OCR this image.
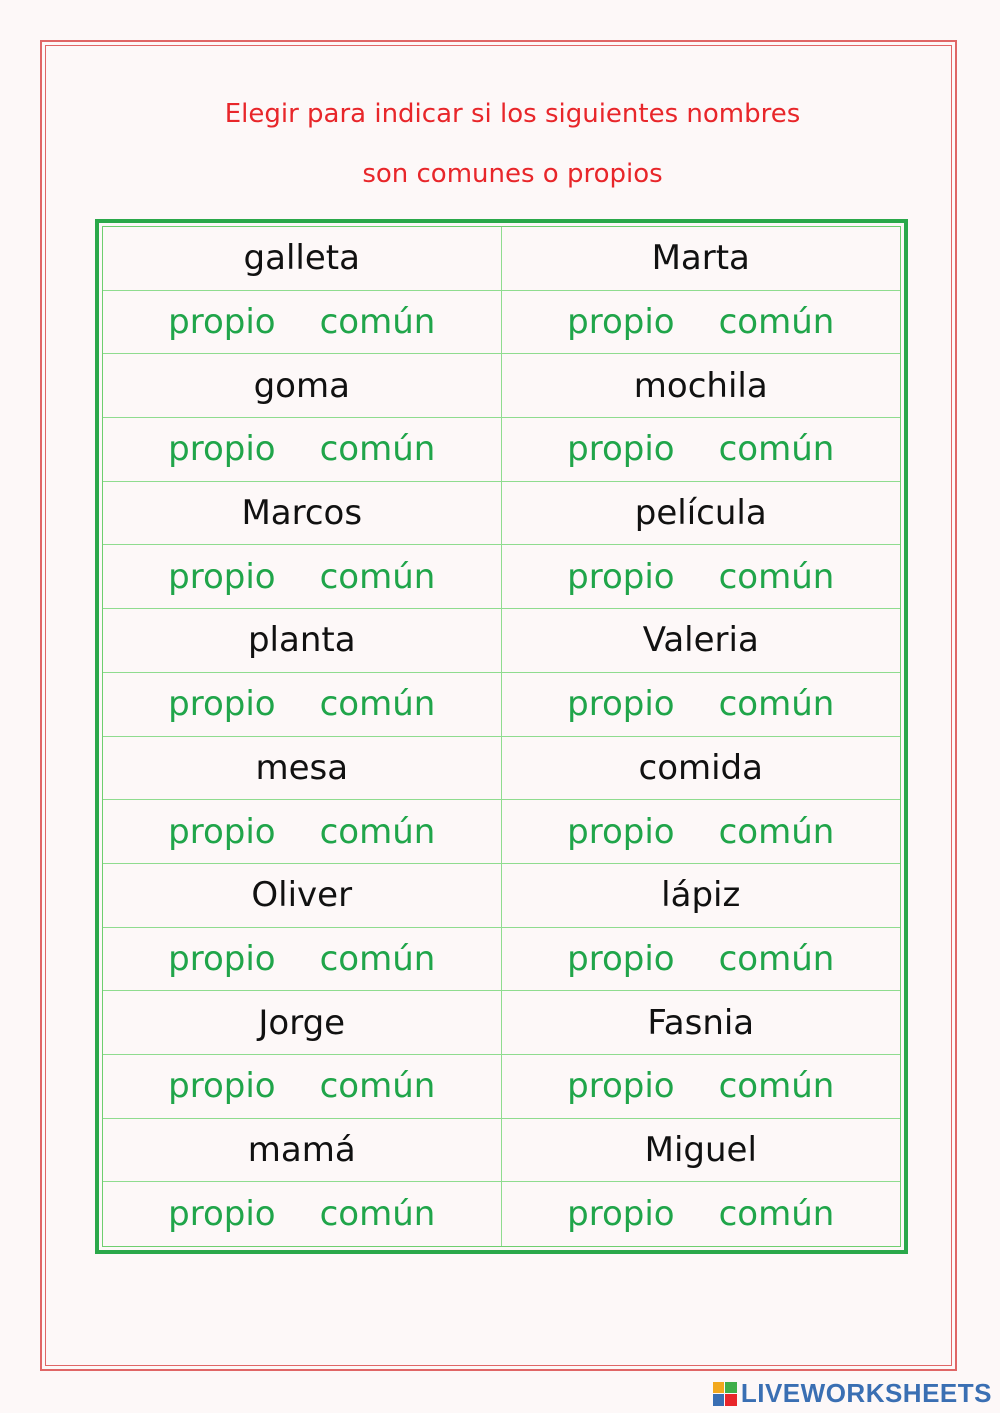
Elegir para indicar si los siguientes nombres
son comunes o propios
galleta	Marta
propio	común	propio	común
goma	mochila
propio	común	propio	común
Marcos	película
propio	común	propio	común
planta	Valeria
propio	común	propio	común
mesa	comida
propio	común	propio	común
Oliver	lápiz
propio	común	propio	común
Jorge	Fasnia
propio	común	propio	común
mamá	Miguel
propio	común	propio	común
LIVEWORKSHEETS
